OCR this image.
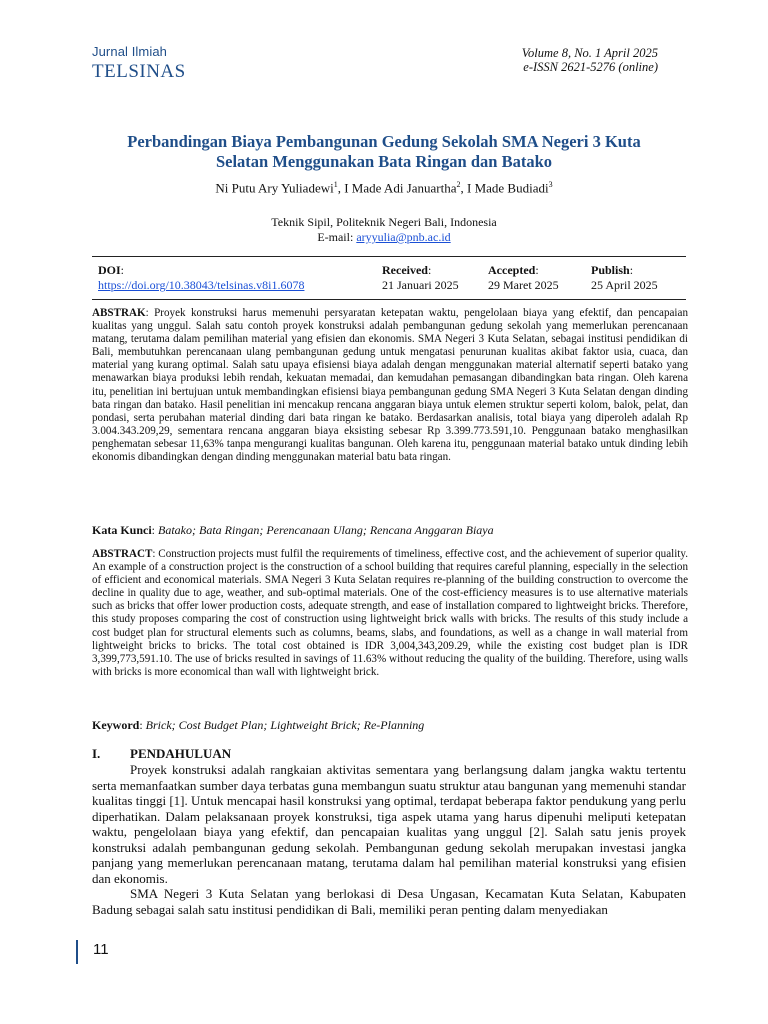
Jurnal Ilmiah
TELSINAS
Volume 8, No. 1 April 2025
e-ISSN 2621-5276 (online)
Perbandingan Biaya Pembangunan Gedung Sekolah SMA Negeri 3 Kuta
Selatan Menggunakan Bata Ringan dan Batako
Ni Putu Ary Yuliadewi$^1$, I Made Adi Januartha$^2$, I Made Budiadi$^3$
Teknik Sipil, Politeknik Negeri Bali, Indonesia
E-mail: aryyulia@pnb.ac.id
DOI:
https://doi.org/10.38043/telsinas.v8i1.6078
Received:
21 Januari 2025
Accepted:
29 Maret 2025
Publish:
25 April 2025
ABSTRAK: Proyek konstruksi harus memenuhi persyaratan ketepatan waktu, pengelolaan biaya yang efektif, dan pencapaian kualitas yang unggul. Salah satu contoh proyek konstruksi adalah pembangunan gedung sekolah yang memerlukan perencanaan matang, terutama dalam pemilihan material yang efisien dan ekonomis. SMA Negeri 3 Kuta Selatan, sebagai institusi pendidikan di Bali, membutuhkan perencanaan ulang pembangunan gedung untuk mengatasi penurunan kualitas akibat faktor usia, cuaca, dan material yang kurang optimal. Salah satu upaya efisiensi biaya adalah dengan menggunakan material alternatif seperti batako yang menawarkan biaya produksi lebih rendah, kekuatan memadai, dan kemudahan pemasangan dibandingkan bata ringan. Oleh karena itu, penelitian ini bertujuan untuk membandingkan efisiensi biaya pembangunan gedung SMA Negeri 3 Kuta Selatan dengan dinding bata ringan dan batako. Hasil penelitian ini mencakup rencana anggaran biaya untuk elemen struktur seperti kolom, balok, pelat, dan pondasi, serta perubahan material dinding dari bata ringan ke batako. Berdasarkan analisis, total biaya yang diperoleh adalah Rp 3.004.343.209,29, sementara rencana anggaran biaya eksisting sebesar Rp 3.399.773.591,10. Penggunaan batako menghasilkan penghematan sebesar 11,63% tanpa mengurangi kualitas bangunan. Oleh karena itu, penggunaan material batako untuk dinding lebih ekonomis dibandingkan dengan dinding menggunakan material batu bata ringan.
Kata Kunci: Batako; Bata Ringan; Perencanaan Ulang; Rencana Anggaran Biaya
ABSTRACT: Construction projects must fulfil the requirements of timeliness, effective cost, and the achievement of superior quality. An example of a construction project is the construction of a school building that requires careful planning, especially in the selection of efficient and economical materials. SMA Negeri 3 Kuta Selatan requires re-planning of the building construction to overcome the decline in quality due to age, weather, and sub-optimal materials. One of the cost-efficiency measures is to use alternative materials such as bricks that offer lower production costs, adequate strength, and ease of installation compared to lightweight bricks. Therefore, this study proposes comparing the cost of construction using lightweight brick walls with bricks. The results of this study include a cost budget plan for structural elements such as columns, beams, slabs, and foundations, as well as a change in wall material from lightweight bricks to bricks. The total cost obtained is IDR 3,004,343,209.29, while the existing cost budget plan is IDR 3,399,773,591.10. The use of bricks resulted in savings of 11.63% without reducing the quality of the building. Therefore, using walls with bricks is more economical than wall with lightweight brick.
Keyword: Brick; Cost Budget Plan; Lightweight Brick; Re-Planning
I. PENDAHULUAN

Proyek konstruksi adalah rangkaian aktivitas sementara yang berlangsung dalam jangka waktu tertentu serta memanfaatkan sumber daya terbatas guna membangun suatu struktur atau bangunan yang memenuhi standar kualitas tinggi [1]. Untuk mencapai hasil konstruksi yang optimal, terdapat beberapa faktor pendukung yang perlu diperhatikan. Dalam pelaksanaan proyek konstruksi, tiga aspek utama yang harus dipenuhi meliputi ketepatan waktu, pengelolaan biaya yang efektif, dan pencapaian kualitas yang unggul [2]. Salah satu jenis proyek konstruksi adalah pembangunan gedung sekolah. Pembangunan gedung sekolah merupakan investasi jangka panjang yang memerlukan perencanaan matang, terutama dalam hal pemilihan material konstruksi yang efisien dan ekonomis.

SMA Negeri 3 Kuta Selatan yang berlokasi di Desa Ungasan, Kecamatan Kuta Selatan, Kabupaten Badung sebagai salah satu institusi pendidikan di Bali, memiliki peran penting dalam menyediakan

11
